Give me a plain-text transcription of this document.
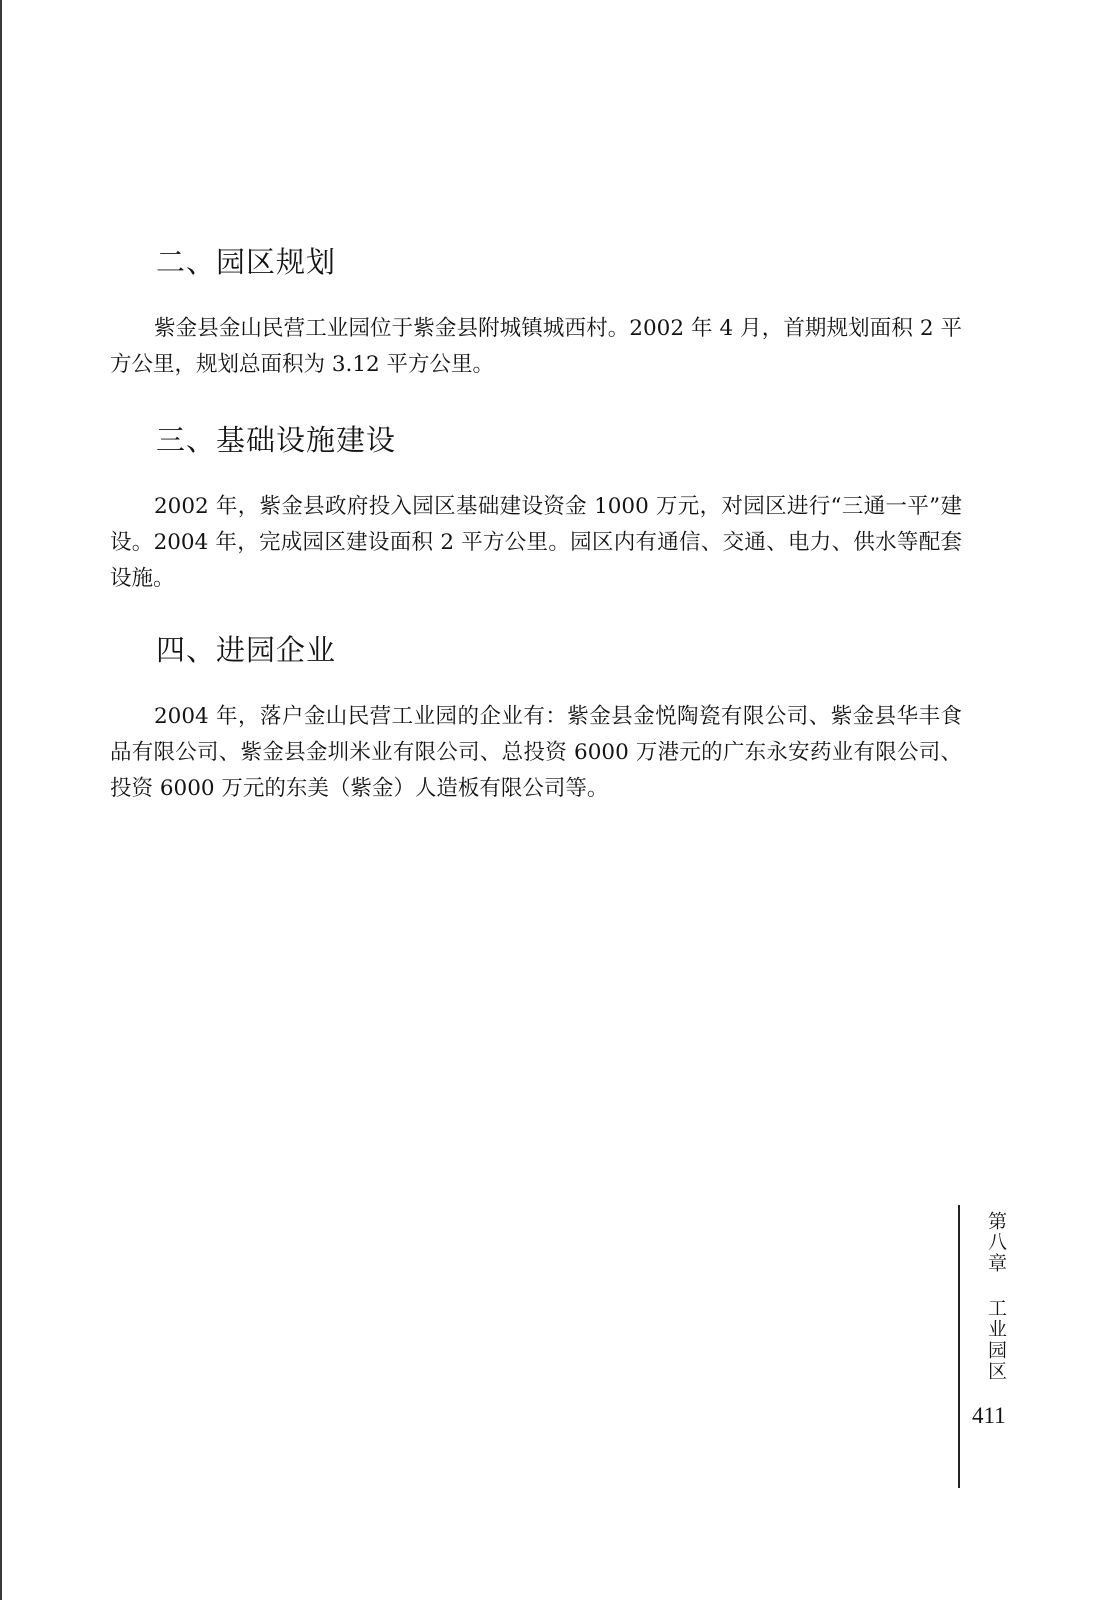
二、园区规划

紫金县金山民营工业园位于紫金县附城镇城西村。2002 年 4 月，首期规划面积 2 平方公里，规划总面积为 3.12 平方公里。

三、基础设施建设

2002 年，紫金县政府投入园区基础建设资金 1000 万元，对园区进行“三通一平”建设。2004 年，完成园区建设面积 2 平方公里。园区内有通信、交通、电力、供水等配套设施。

四、进园企业

2004 年，落户金山民营工业园的企业有：紫金县金悦陶瓷有限公司、紫金县华丰食品有限公司、紫金县金圳米业有限公司、总投资 6000 万港元的广东永安药业有限公司、投资 6000 万元的东美（紫金）人造板有限公司等。

第八章
工业园区
411
